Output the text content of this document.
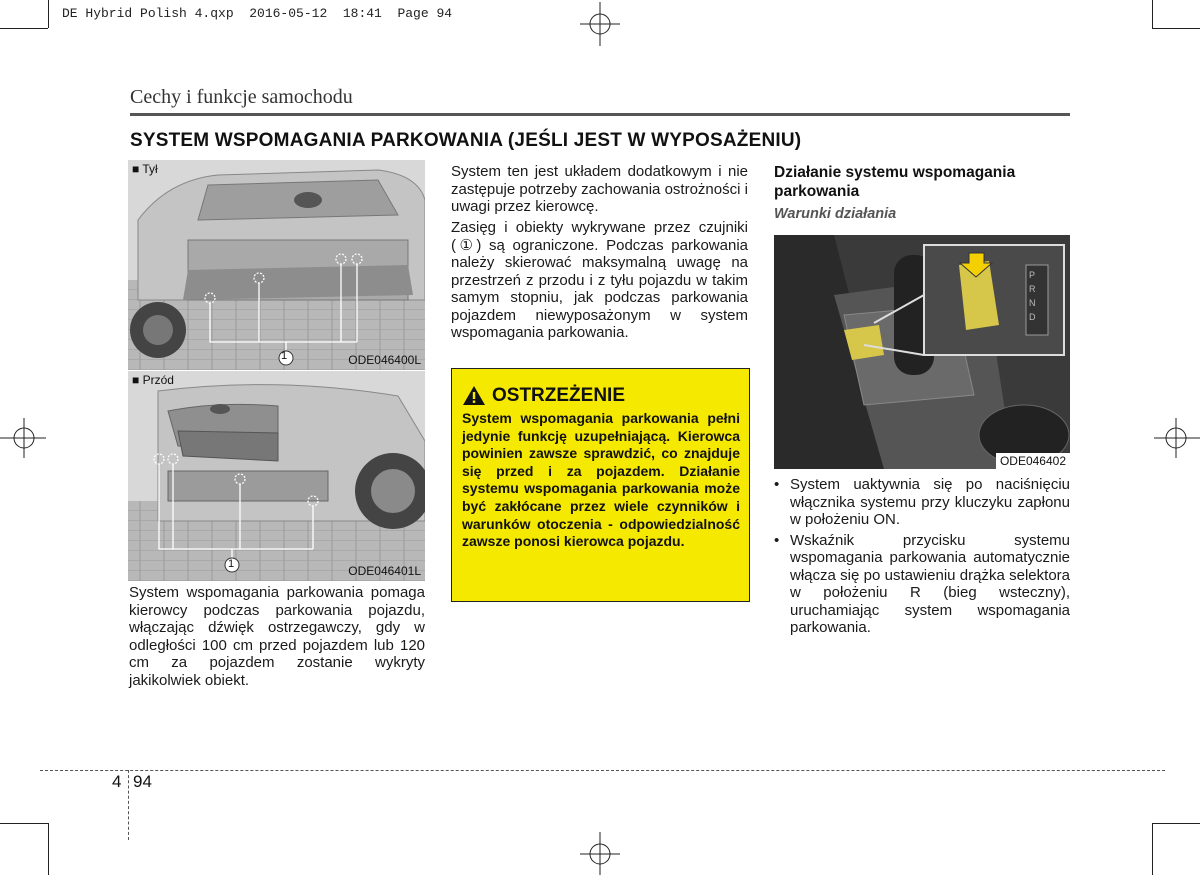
DE Hybrid Polish 4.qxp  2016-05-12  18:41  Page 94
Cechy i funkcje samochodu
SYSTEM WSPOMAGANIA PARKOWANIA (JEŚLI JEST W WYPOSAŻENIU)
■ Tył
1	ODE046400L
■ Przód
1	ODE046401L
System wspomagania parkowania pomaga kierowcy podczas parkowania pojazdu, włączając dźwięk ostrzegawczy, gdy w odległości 100 cm przed pojazdem lub 120 cm za pojazdem zostanie wykryty jakikolwiek obiekt.
System ten jest układem dodatkowym i nie zastępuje potrzeby zachowania ostrożności i uwagi przez kierowcę.
Zasięg i obiekty wykrywane przez czujniki (①) są ograniczone. Podczas parkowania należy skierować maksymalną uwagę na przestrzeń z przodu i z tyłu pojazdu w takim samym stopniu, jak podczas parkowania pojazdem niewyposażonym w system wspomagania parkowania.
OSTRZEŻENIE
System wspomagania parkowania pełni jedynie funkcję uzupełniającą. Kierowca powinien zawsze sprawdzić, co znajduje się przed i za pojazdem. Działanie systemu wspomagania parkowania może być zakłócane przez wiele czynników i warunków otoczenia - odpowiedzialność zawsze ponosi kierowca pojazdu.
Działanie systemu wspomagania parkowania
Warunki działania
P
R
N
D
ODE046402
• System uaktywnia się po naciśnięciu włącznika systemu przy kluczyku zapłonu w położeniu ON.
• Wskaźnik przycisku systemu wspomagania parkowania automatycznie włącza się po ustawieniu drążka selektora w położeniu R (bieg wsteczny), uruchamiając system wspomagania parkowania.
4 94
